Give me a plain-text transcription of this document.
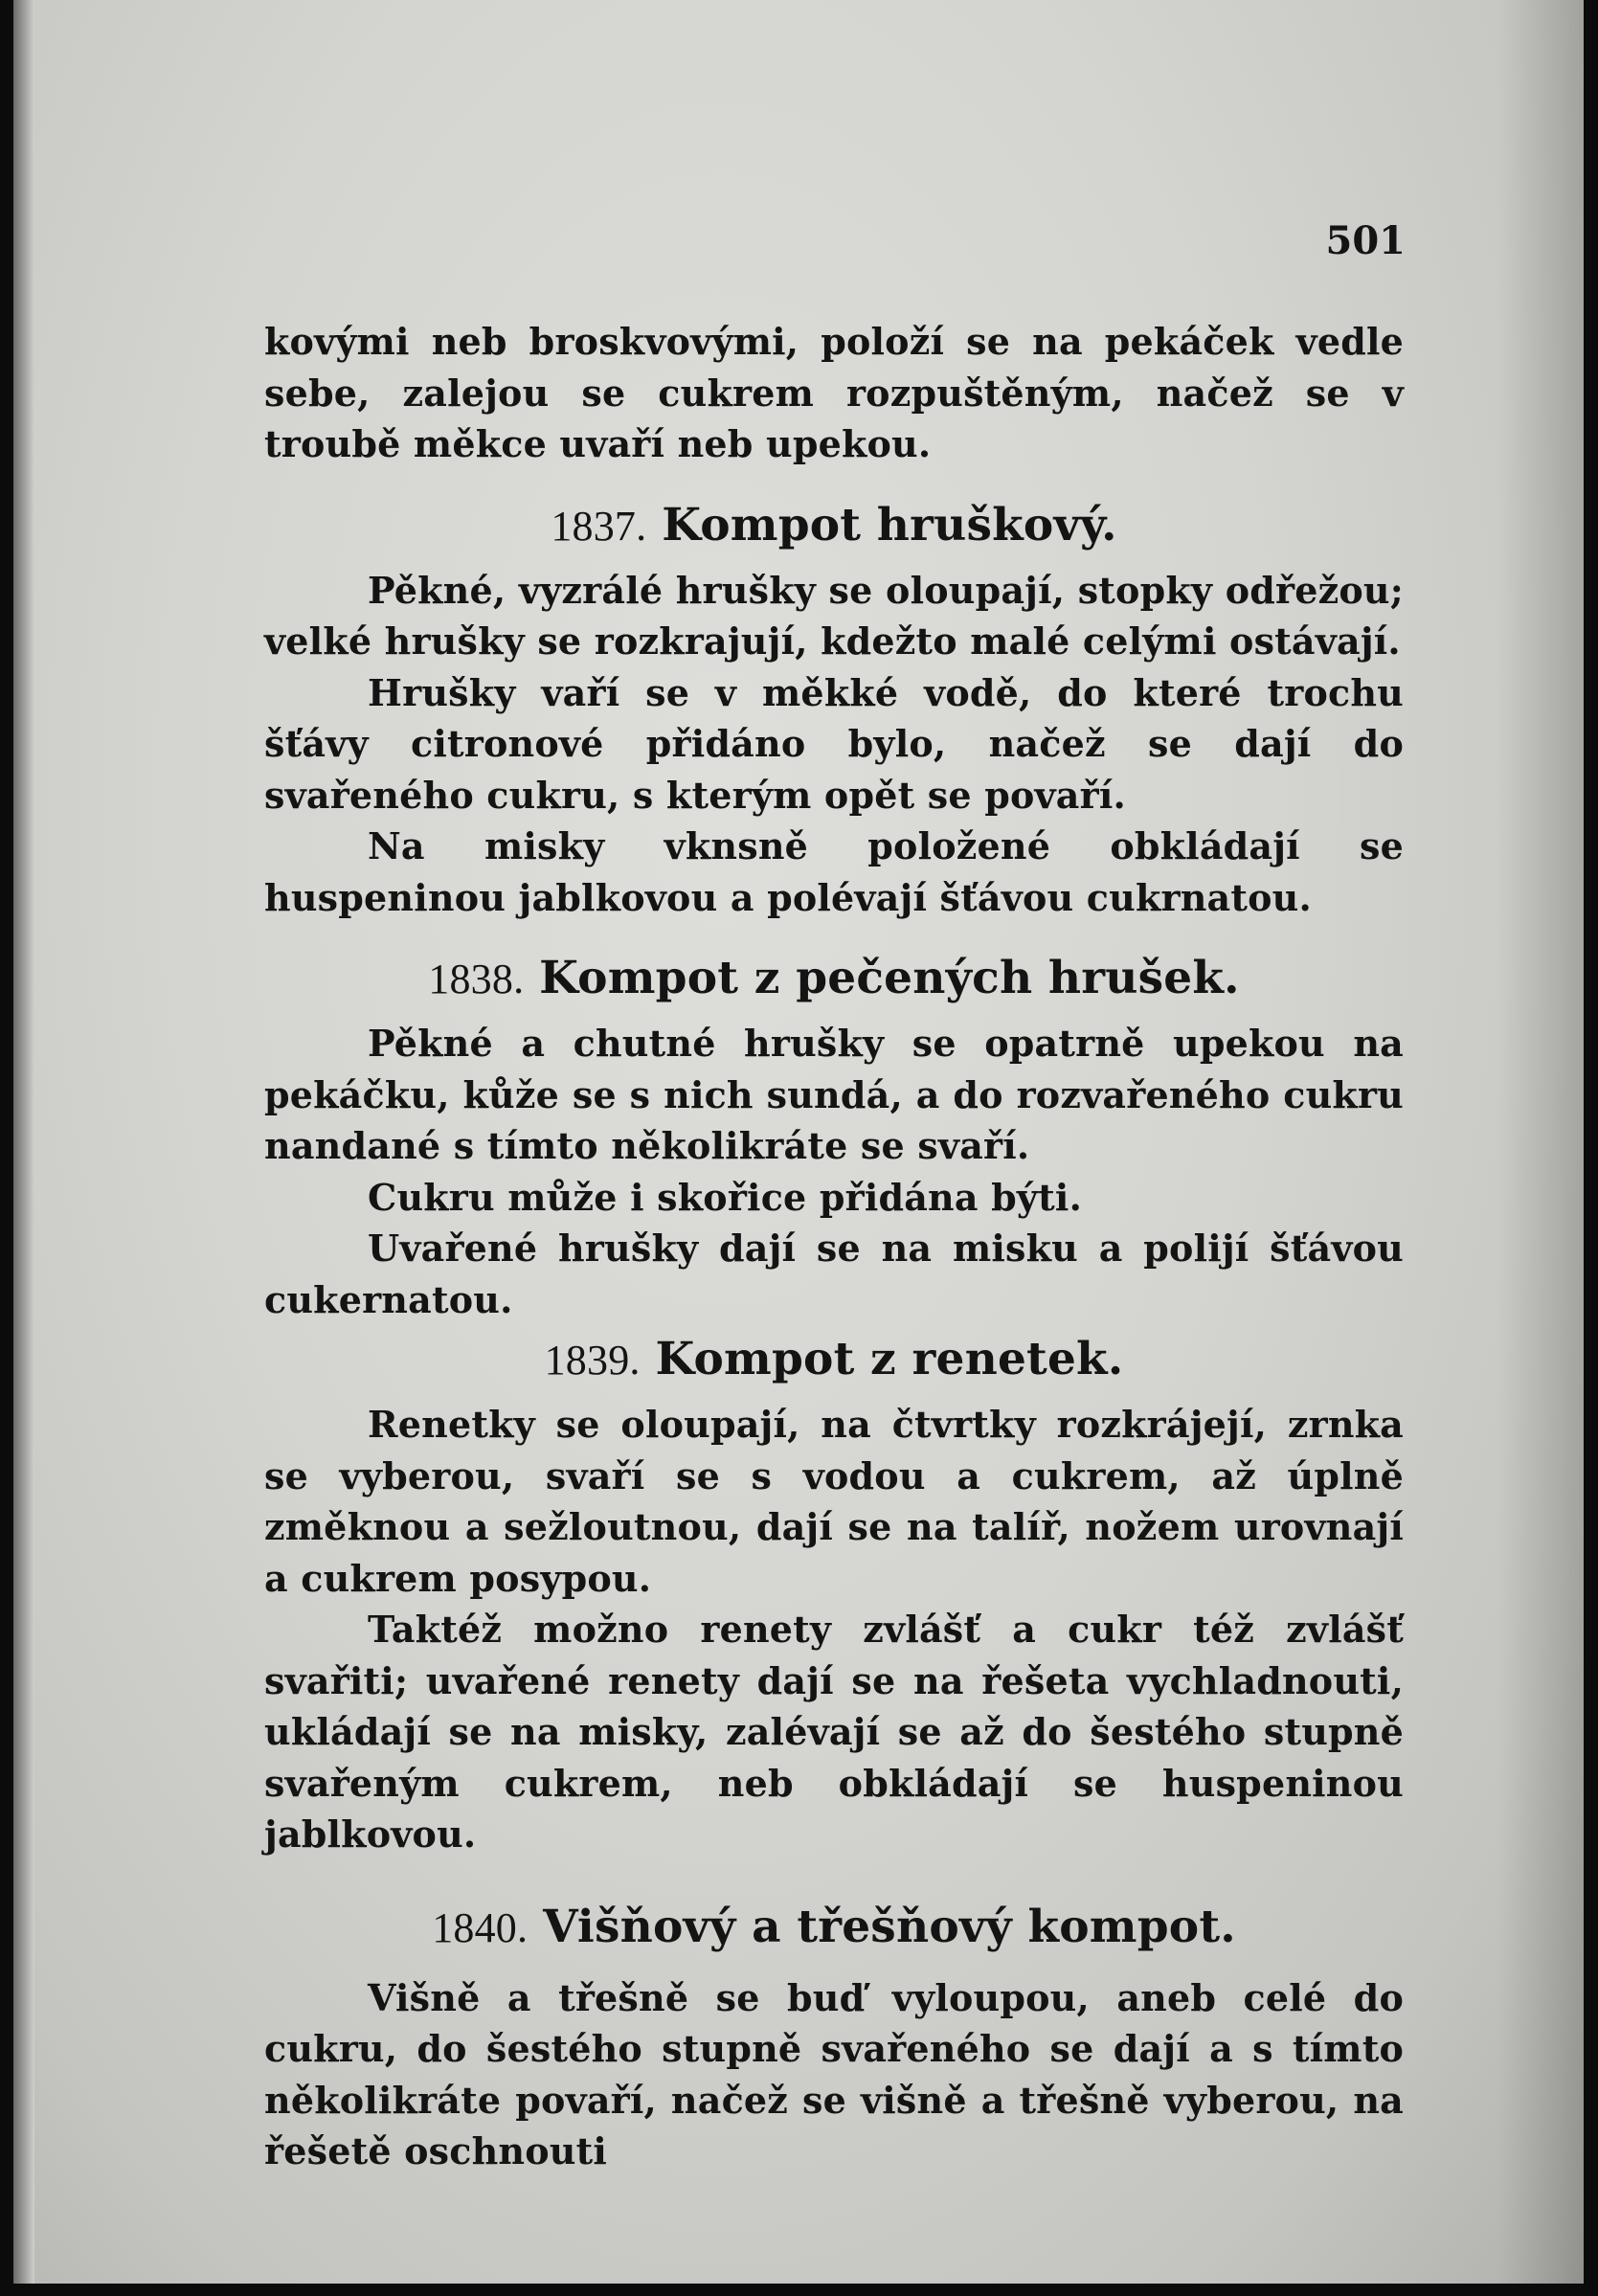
501

kovými neb broskvovými, položí se na pekáček vedle sebe, zalejou se cukrem rozpuštěným, načež se v troubě měkce uvaří neb upekou.

1837. Kompot hruškový.

Pěkné, vyzrálé hrušky se oloupají, stopky odřežou; velké hrušky se rozkrajují, kdežto malé celými ostávají.

Hrušky vaří se v měkké vodě, do které trochu šťávy citronové přidáno bylo, načež se dají do svařeného cukru, s kterým opět se povaří.

Na misky vknsně položené obkládají se huspeninou jablkovou a polévají šťávou cukrnatou.

1838. Kompot z pečených hrušek.

Pěkné a chutné hrušky se opatrně upekou na pekáčku, kůže se s nich sundá, a do rozvařeného cukru nandané s tímto několikráte se svaří.

Cukru může i skořice přidána býti.

Uvařené hrušky dají se na misku a polijí šťávou cukernatou.

1839. Kompot z renetek.

Renetky se oloupají, na čtvrtky rozkrájejí, zrnka se vyberou, svaří se s vodou a cukrem, až úplně změknou a sežloutnou, dají se na talíř, nožem urovnají a cukrem posypou.

Taktéž možno renety zvlášť a cukr též zvlášť svařiti; uvařené renety dají se na řešeta vychladnouti, ukládají se na misky, zalévají se až do šestého stupně svařeným cukrem, neb obkládají se huspeninou jablkovou.

1840. Višňový a třešňový kompot.

Višně a třešně se buď vyloupou, aneb celé do cukru, do šestého stupně svařeného se dají a s tímto několikráte povaří, načež se višně a třešně vyberou, na řešetě oschnouti
